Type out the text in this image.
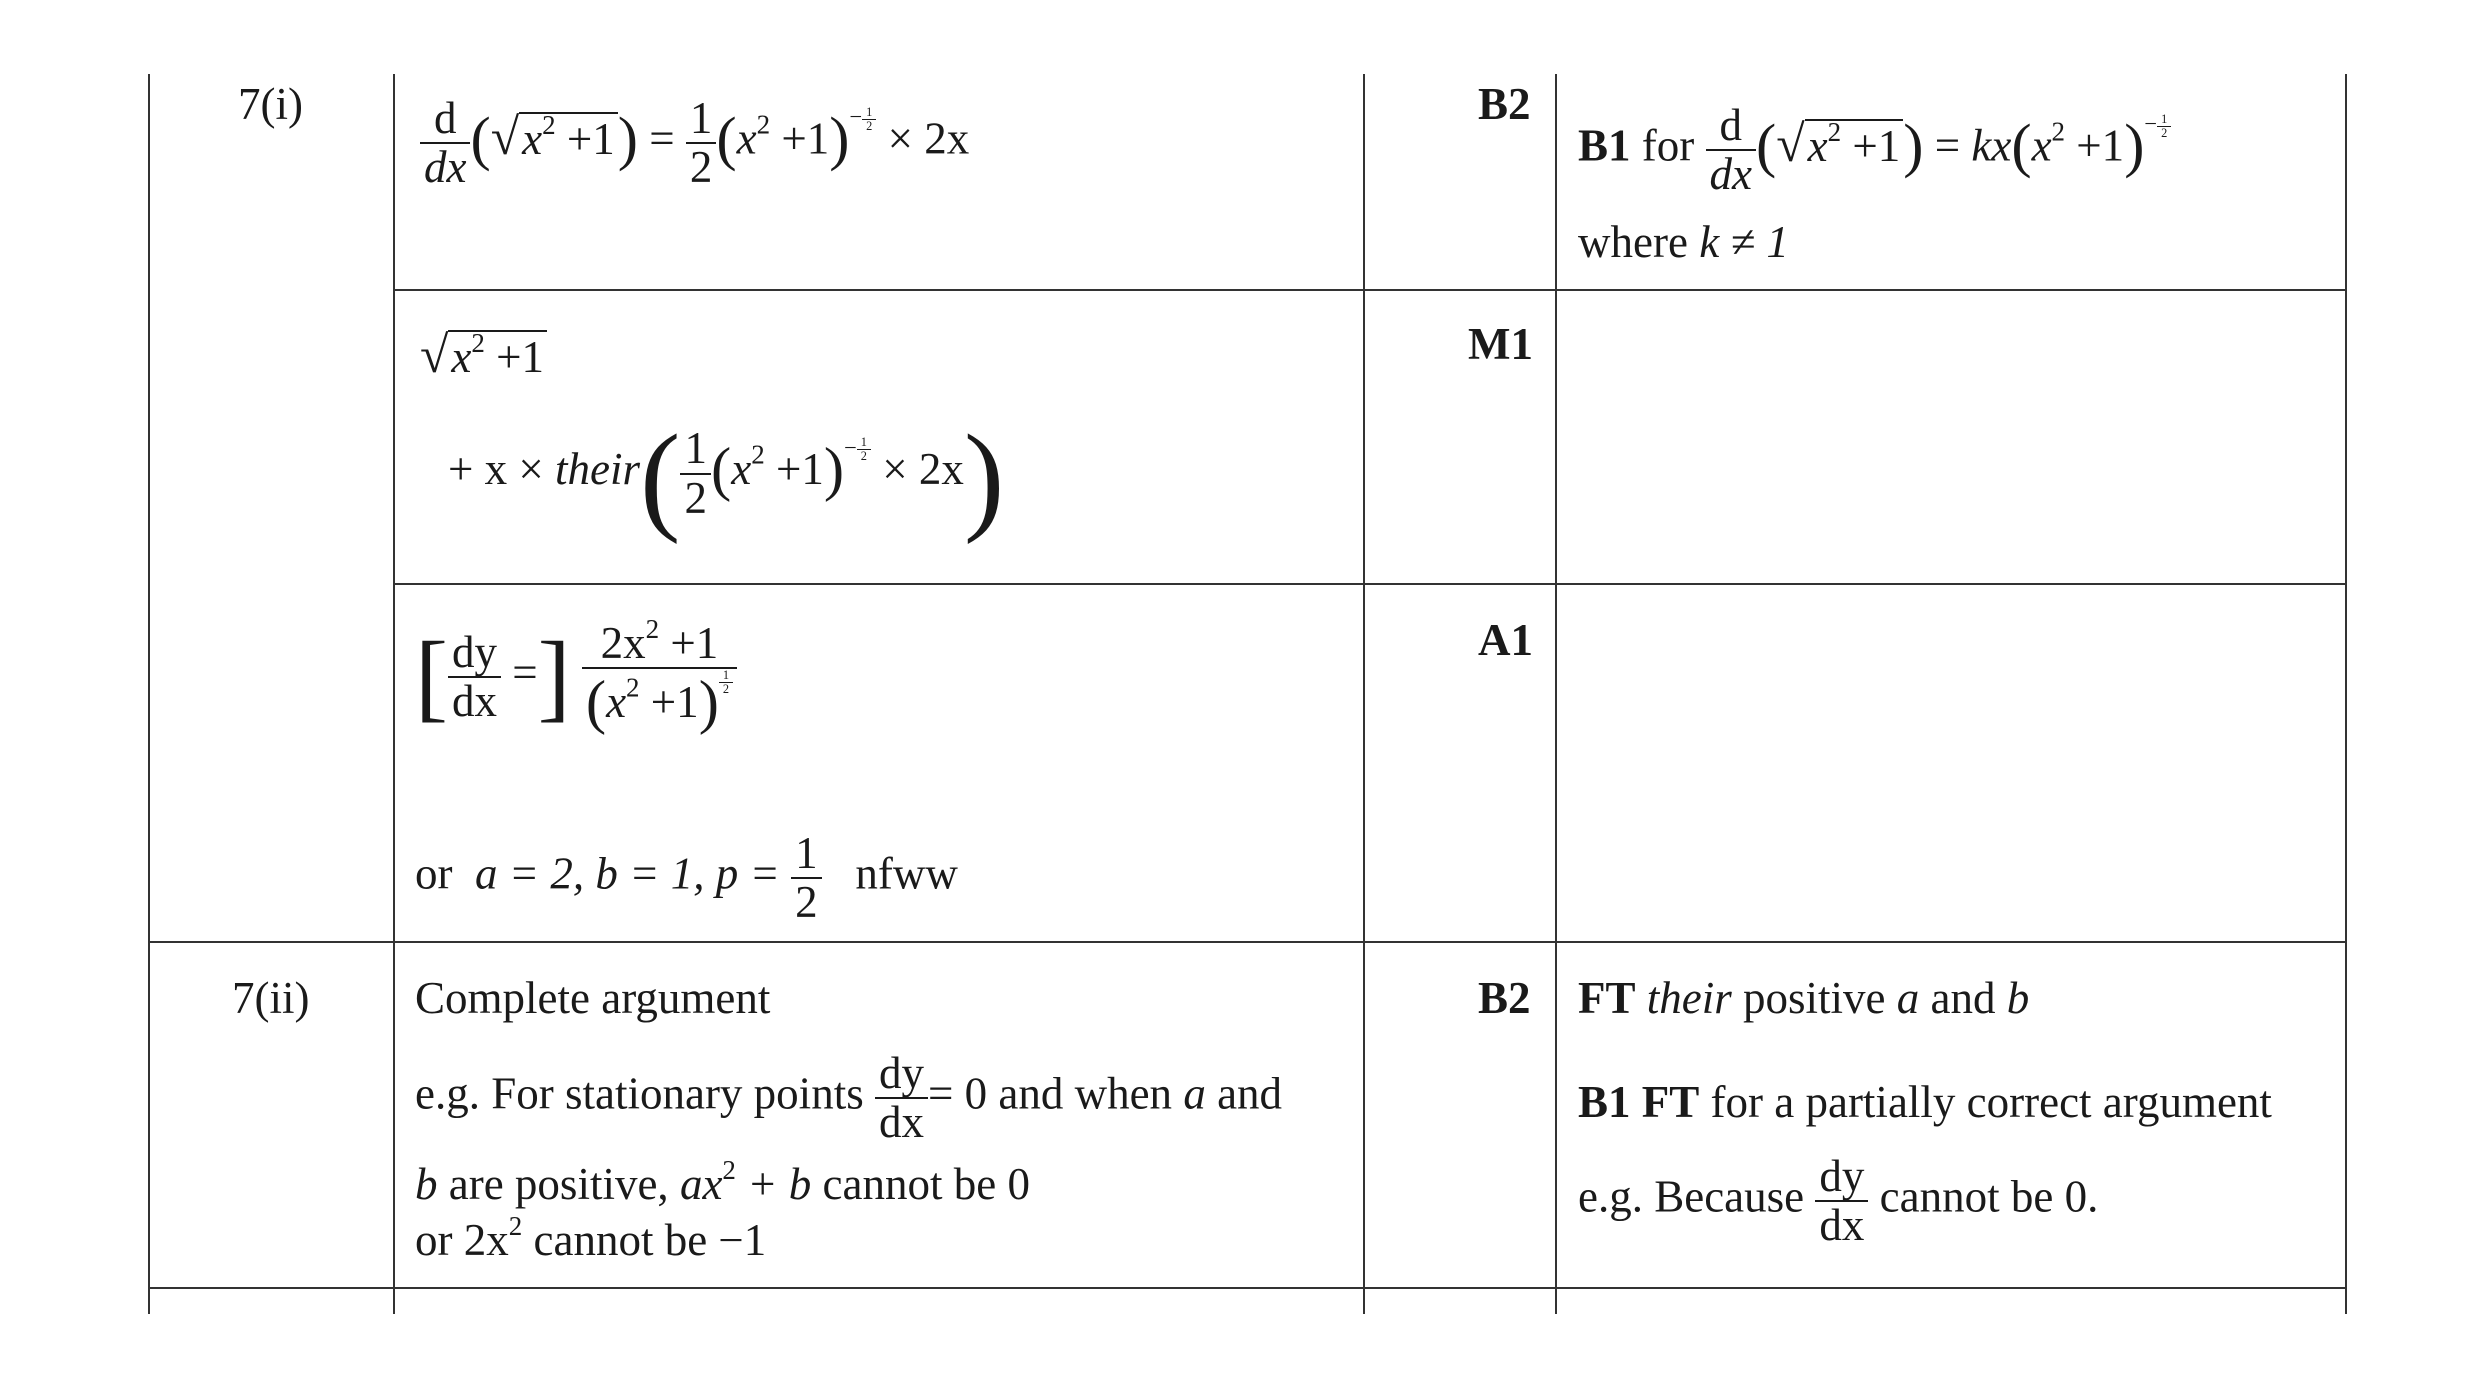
7(i)	$\frac{d}{dx} (√x^2 +1) = \frac{1}{2} (x^2 +1)^{- \frac{1}{2}} \times 2x$
B2
B1 for $\frac{d}{dx} (√x^2 +1) = kx(x^2 +1)^{- \frac{1}{2}}$
where k ≠ 1
$√x^2 +1$
+ x × their( $\frac{1}{2} (x^2 +1)^{- \frac{1}{2}} \times 2x$)
M1
[ $\frac{dy}{dx}$ =] $2x^2 +1$
$(x^2 +1)$ $^{\frac{1}{2}}$
or a = 2, b = 1, $p = \frac{1}{2}$ nfww
A1
7(ii) Complete argument
e.g. For stationary points $\frac{dy}{dx} = 0$ and when a and
b are positive, $ax^2 + b$ cannot be 0
or $2x^2$ cannot be −1
B2 FT their positive a and b
B1 FT for a partially correct argument
e.g. Because $\frac{dy}{dx}$ cannot be 0.
